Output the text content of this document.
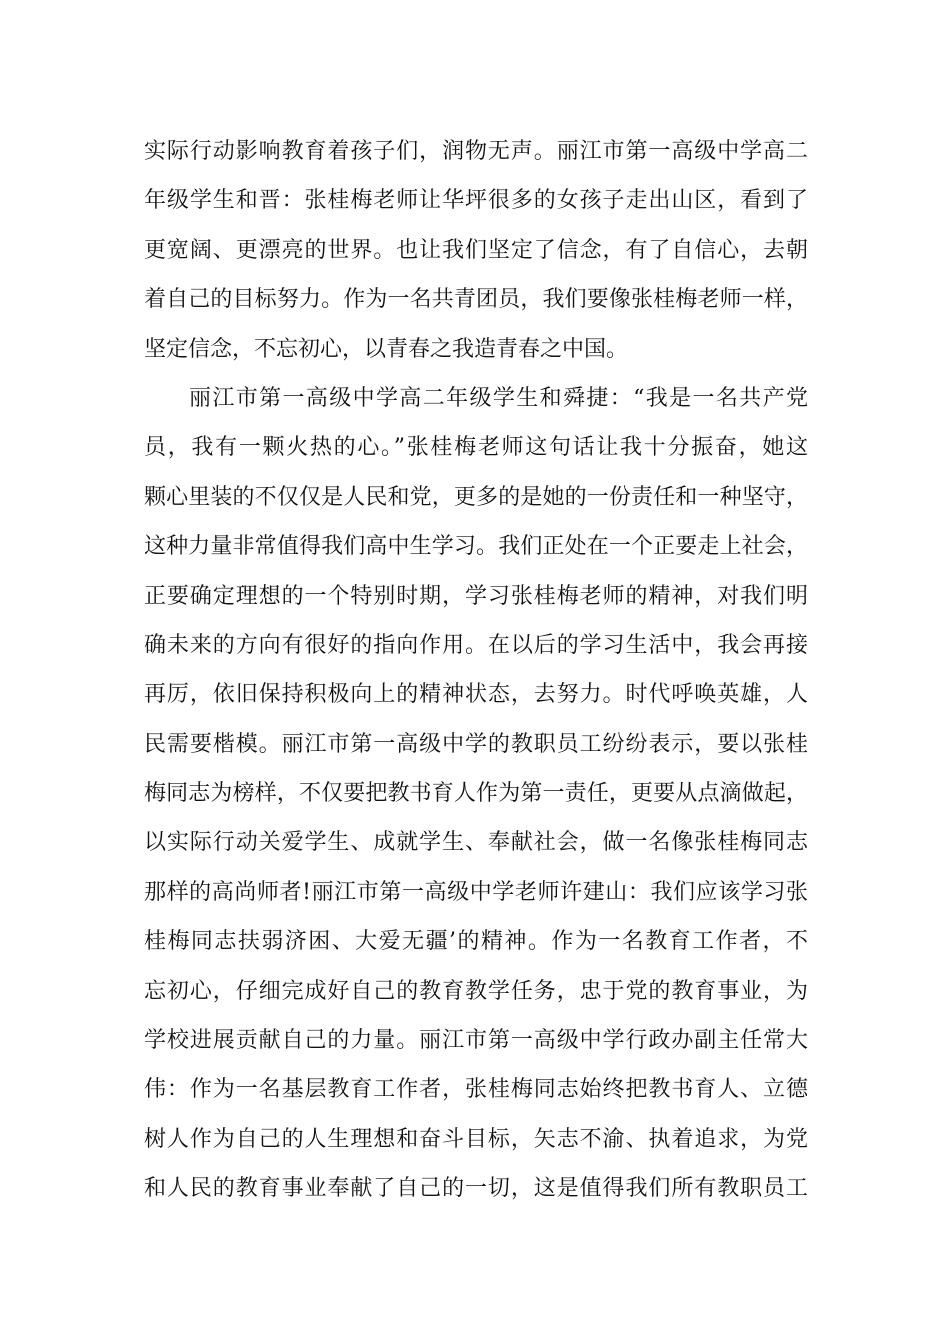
实际行动影响教育着孩子们，润物无声。丽江市第一高级中学高二
年级学生和晋：张桂梅老师让华坪很多的女孩子走出山区，看到了
更宽阔、更漂亮的世界。也让我们坚定了信念，有了自信心，去朝
着自己的目标努力。作为一名共青团员，我们要像张桂梅老师一样，
坚定信念，不忘初心，以青春之我造青春之中国。
丽江市第一高级中学高二年级学生和舜捷：“我是一名共产党
员，我有一颗火热的心。”张桂梅老师这句话让我十分振奋，她这
颗心里装的不仅仅是人民和党，更多的是她的一份责任和一种坚守，
这种力量非常值得我们高中生学习。我们正处在一个正要走上社会，
正要确定理想的一个特别时期，学习张桂梅老师的精神，对我们明
确未来的方向有很好的指向作用。在以后的学习生活中，我会再接
再厉，依旧保持积极向上的精神状态，去努力。时代呼唤英雄，人
民需要楷模。丽江市第一高级中学的教职员工纷纷表示，要以张桂
梅同志为榜样，不仅要把教书育人作为第一责任，更要从点滴做起，
以实际行动关爱学生、成就学生、奉献社会，做一名像张桂梅同志
那样的高尚师者!丽江市第一高级中学老师许建山：我们应该学习张
桂梅同志扶弱济困、大爱无疆’的精神。作为一名教育工作者，不
忘初心，仔细完成好自己的教育教学任务，忠于党的教育事业，为
学校进展贡献自己的力量。丽江市第一高级中学行政办副主任常大
伟：作为一名基层教育工作者，张桂梅同志始终把教书育人、立德
树人作为自己的人生理想和奋斗目标，矢志不渝、执着追求，为党
和人民的教育事业奉献了自己的一切，这是值得我们所有教职员工
